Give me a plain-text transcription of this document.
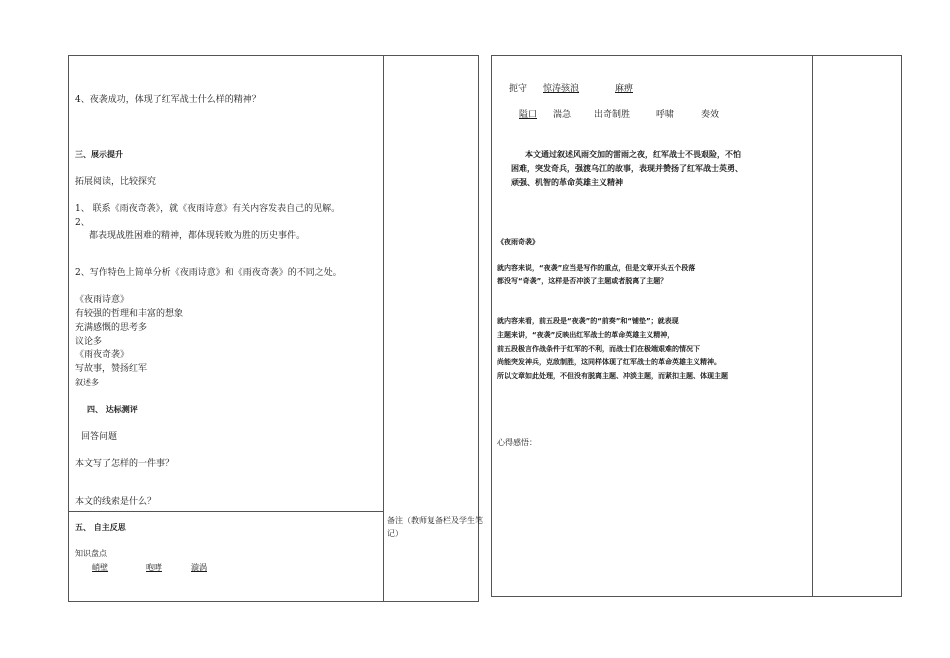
4、夜袭成功，体现了红军战士什么样的精神？
三、展示提升
拓展阅读，比较探究
1、 联系《雨夜奇袭》，就《夜雨诗意》有关内容发表自己的见解。
2、
都表现战胜困难的精神，都体现转败为胜的历史事件。
2、写作特色上简单分析《夜雨诗意》和《雨夜奇袭》的不同之处。
《夜雨诗意》
有较强的哲理和丰富的想象
充满感慨的思考多
议论多
《雨夜奇袭》
写故事，赞扬红军
叙述多
四、 达标测评
回答问题
本文写了怎样的一件事？
本文的线索是什么？
五、 自主反思
知识盘点
峭壁	咆哮	漩涡
备注（教师复备栏及学生笔记）
扼守 惊涛骇浪	麻痹
隘口 湍急	出奇制胜	呼啸	奏效
本文通过叙述风雨交加的雷雨之夜，红军战士不畏艰险，不怕
困难，突发奇兵，强渡乌江的故事，表现并赞扬了红军战士英勇、
顽强、机智的革命英雄主义精神
《夜雨奇袭》
就内容来说，“夜袭”应当是写作的重点，但是文章开头五个段落
都没写“奇袭”，这样是否冲淡了主题或者脱离了主题？
就内容来看，前五段是“夜袭”的“前奏”和“铺垫”；就表现
主题来讲，“夜袭”反映出红军战士的革命英雄主义精神，
前五段极言作战条件于红军的不利，而战士们在极端艰难的情况下
尚能突发神兵，克敌制胜，这同样体现了红军战士的革命英雄主义精神。
所以文章如此处理，不但没有脱离主题、冲淡主题，而紧扣主题、体现主题
心得感悟：
